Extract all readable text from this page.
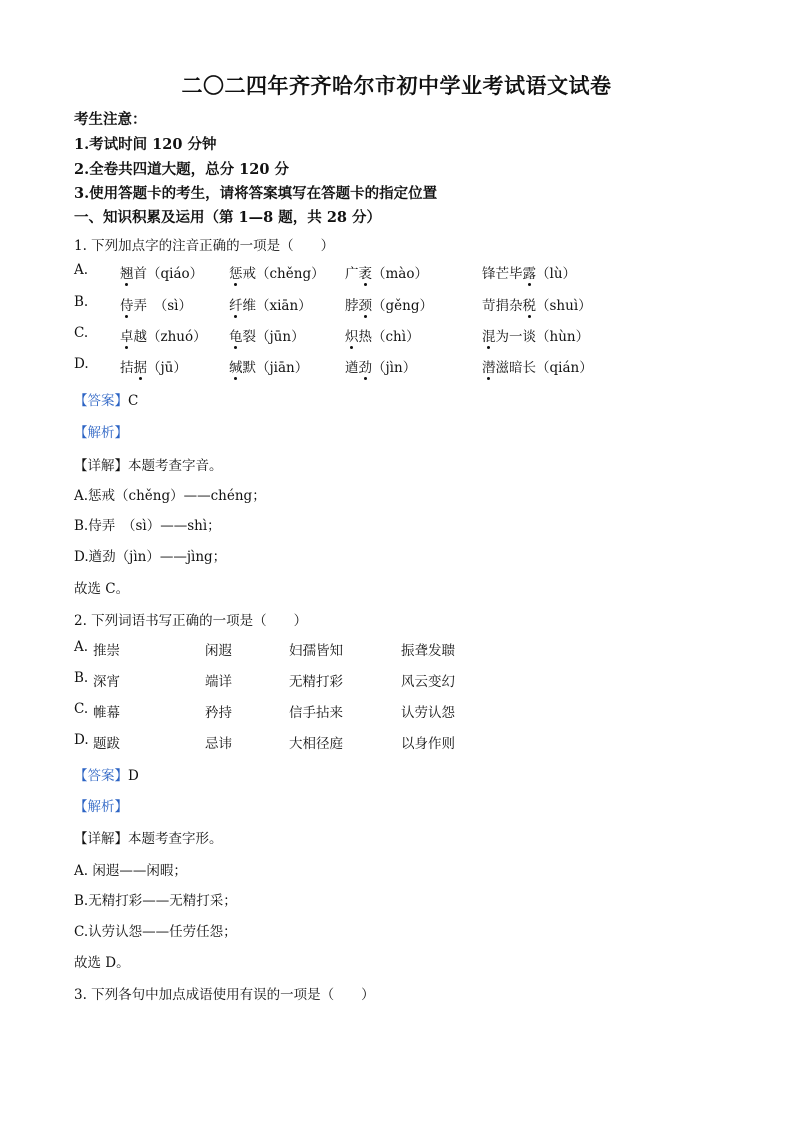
二〇二四年齐齐哈尔市初中学业考试语文试卷
考生注意：
1.考试时间 120 分钟
2.全卷共四道大题，总分 120 分
3.使用答题卡的考生，请将答案填写在答题卡的指定位置
一、知识积累及运用（第 1—8 题，共 28 分）
1. 下列加点字的注音正确的一项是（　　）
A. 翘首（qiáo） 惩戒（chěng） 广袤（mào）	锋芒毕露（lù）
B. 侍弄　（sì）	纤维（xiān） 脖颈（gěng）	苛捐杂税（shuì）
C. 卓越（zhuó） 龟裂（jūn）	炽热（chì）	混为一谈（hùn）
D. 拮据（jū）	缄默（jiān）	遒劲（jìn）	潜滋暗长（qián）
【答案】C
【解析】
【详解】本题考查字音。
A.惩戒（chěng）——chéng；
B.侍弄　（sì）——shì；
D.遒劲（jìn）——jìng；
故选 C。
2. 下列词语书写正确的一项是（　　）
A. 推崇	闲遐	妇孺皆知	振聋发聩
B. 深宵	端详	无精打彩	风云变幻
C. 帷幕	矜持	信手拈来	认劳认怨
D. 题跋	忌讳	大相径庭	以身作则
【答案】D
【解析】
【详解】本题考查字形。
A. 闲遐——闲暇；
B.无精打彩——无精打采；
C.认劳认怨——任劳任怨；
故选 D。
3. 下列各句中加点成语使用有误的一项是（　　）
